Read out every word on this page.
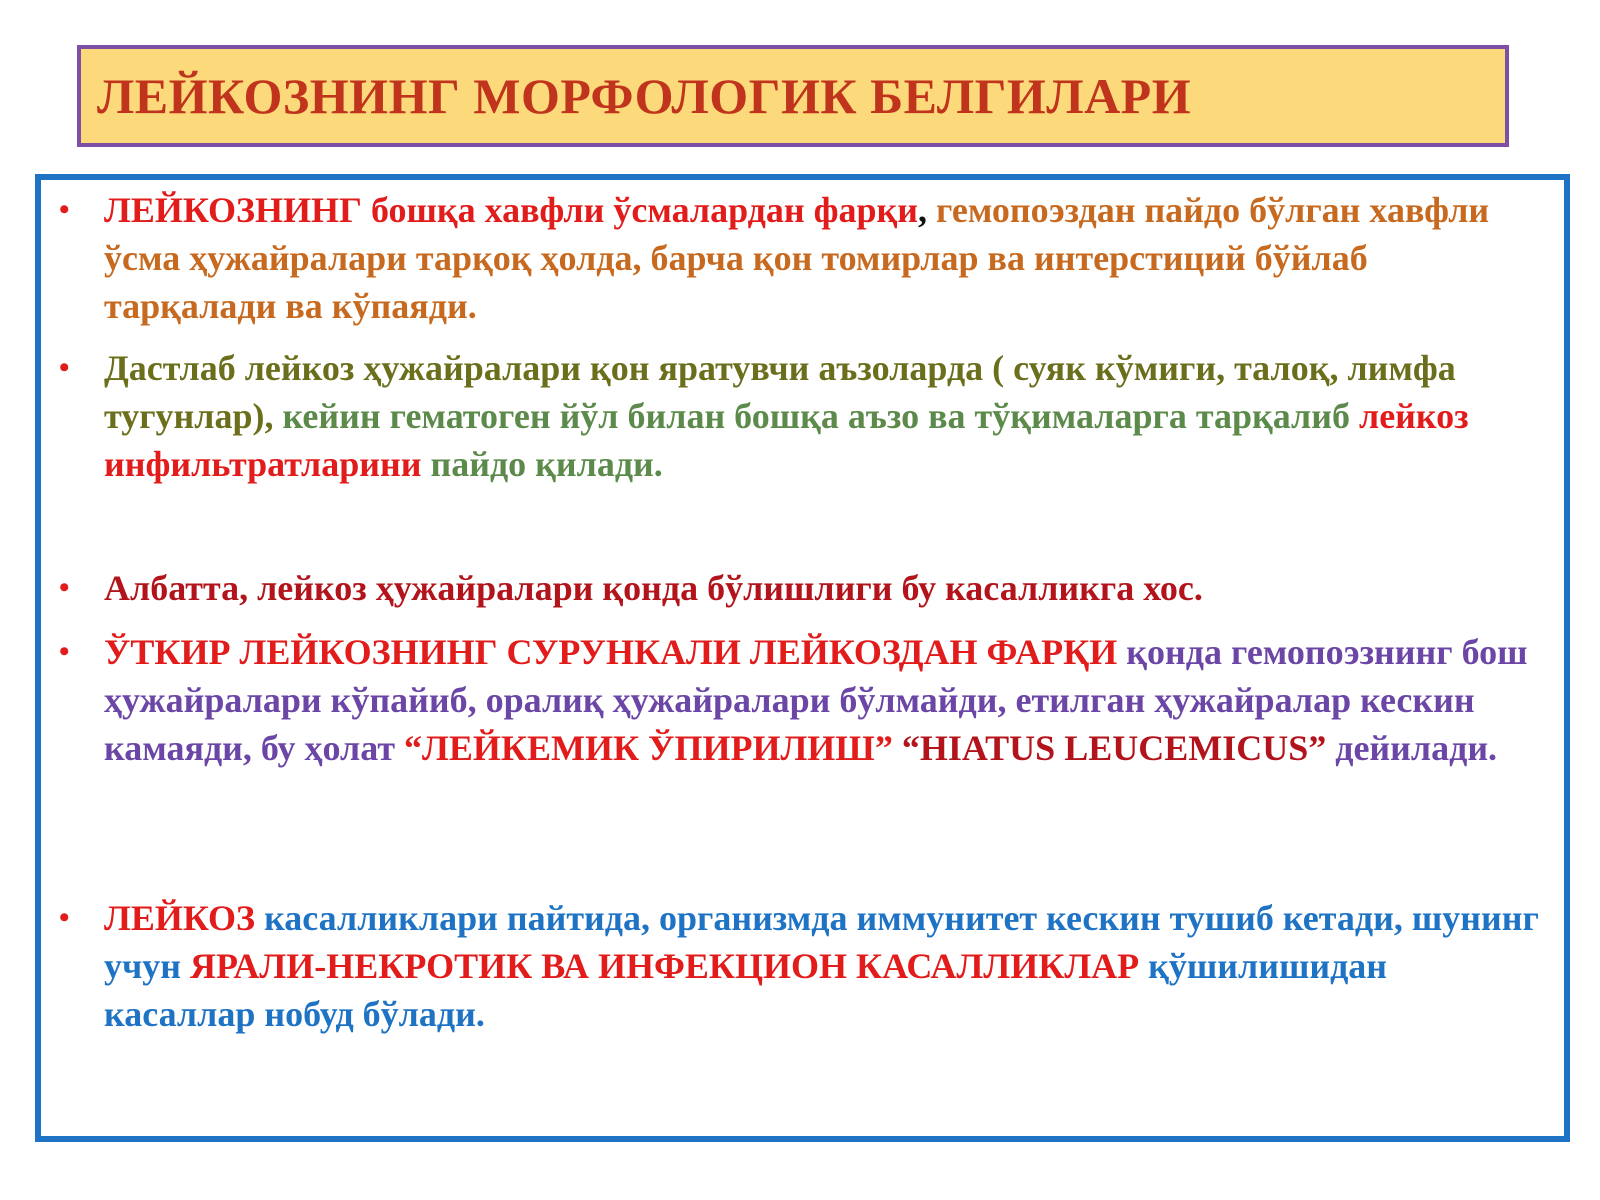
ЛЕЙКОЗНИНГ МОРФОЛОГИК БЕЛГИЛАРИ
• ЛЕЙКОЗНИНГ бошқа хавфли ўсмалардан фарқи, гемопоэздан пайдо бўлган хавфли ўсма ҳужайралари тарқоқ ҳолда, барча қон томирлар ва интерстиций бўйлаб тарқалади ва кўпаяди.
• Дастлаб лейкоз ҳужайралари қон яратувчи аъзоларда ( суяк кўмиги, талоқ, лимфа тугунлар), кейин гематоген йўл билан бошқа аъзо ва тўқималарга тарқалиб лейкоз инфильтратларини пайдо қилади.
• Албатта, лейкоз ҳужайралари қонда бўлишлиги бу касалликга хос.
• ЎТКИР ЛЕЙКОЗНИНГ СУРУНКАЛИ ЛЕЙКОЗДАН ФАРҚИ қонда гемопоэзнинг бош ҳужайралари кўпайиб, оралиқ ҳужайралари бўлмайди, етилган ҳужайралар кескин камаяди, бу ҳолат “ЛЕЙКЕМИК ЎПИРИЛИШ” “HIATUS LEUCEMICUS” дейилади.
• ЛЕЙКОЗ касалликлари пайтида, организмда иммунитет кескин тушиб кетади, шунинг учун ЯРАЛИ-НЕКРОТИК ВА ИНФЕКЦИОН КАСАЛЛИКЛАР қўшилишидан касаллар нобуд бўлади.
